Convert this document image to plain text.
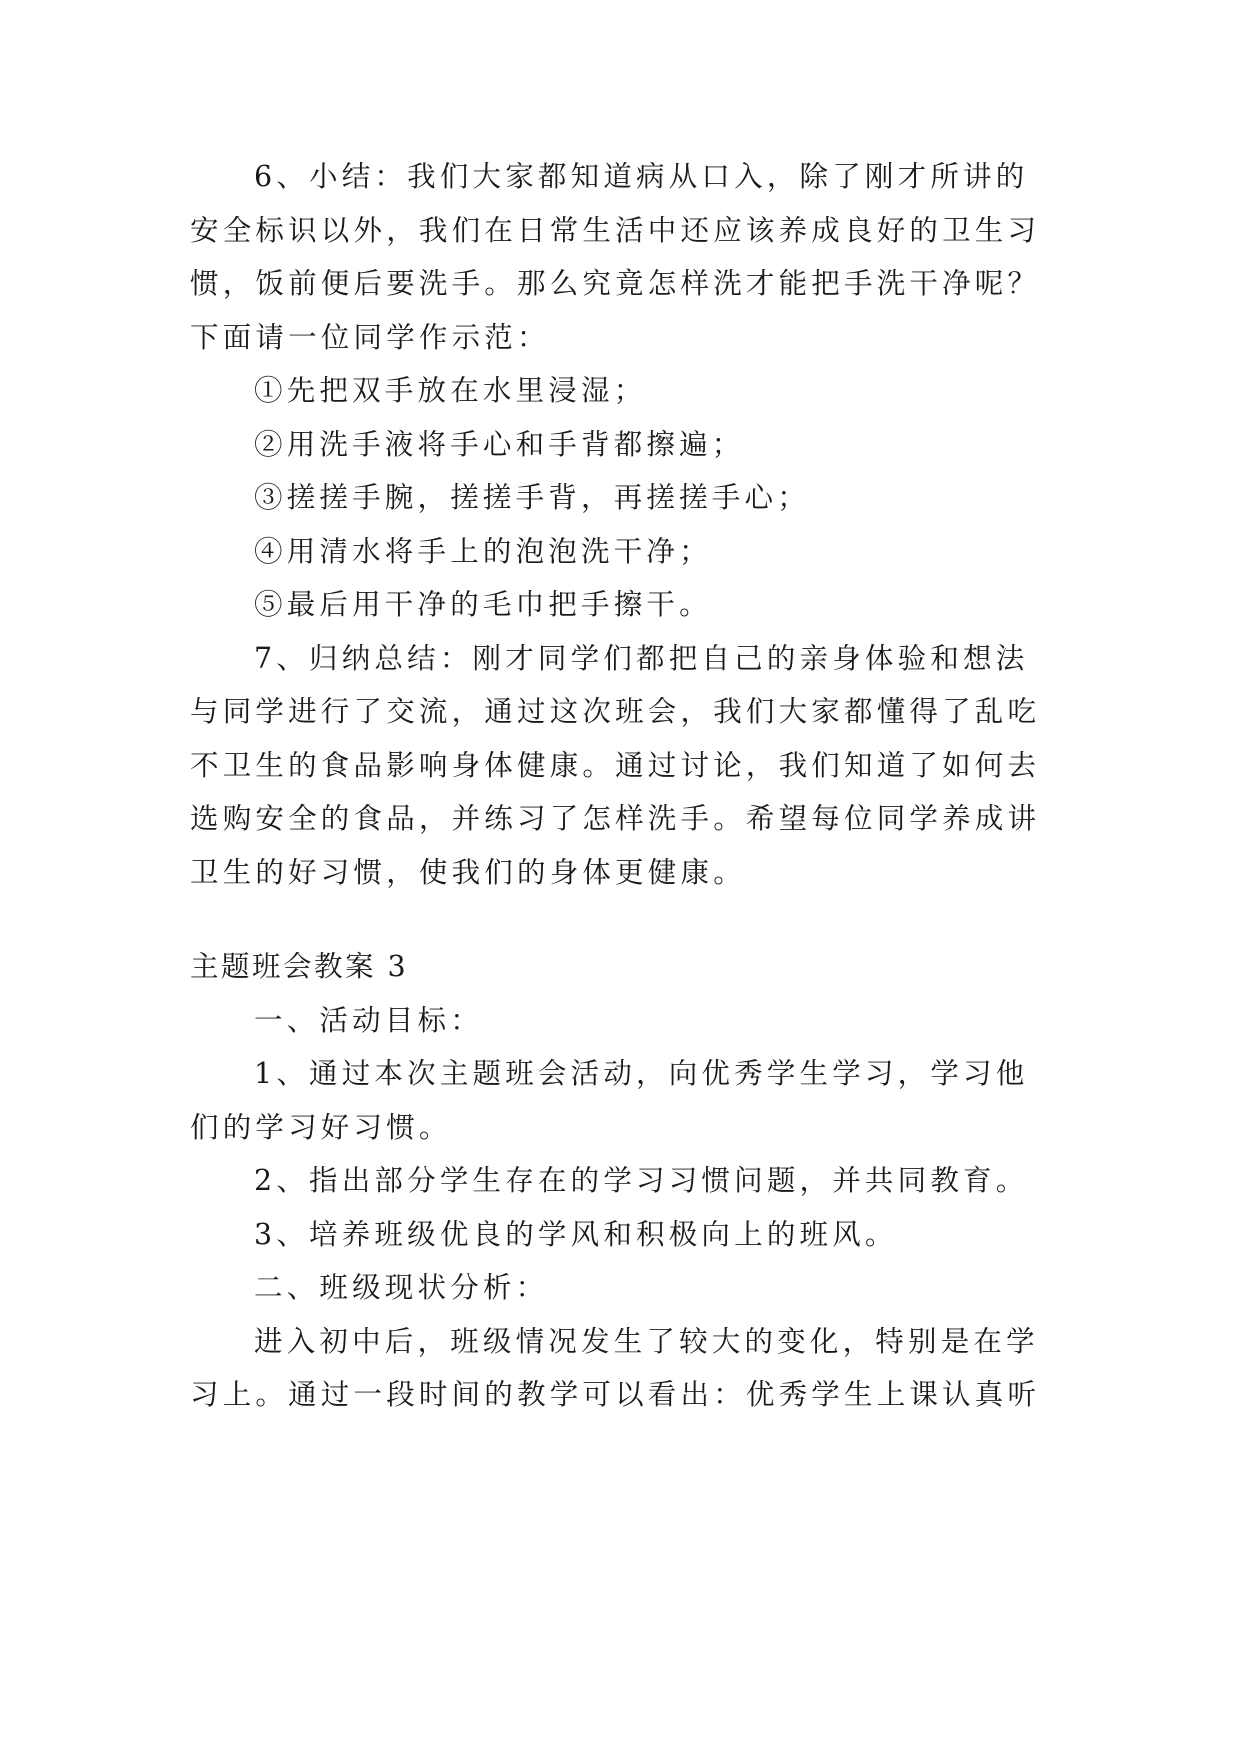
6、小结：我们大家都知道病从口入，除了刚才所讲的
安全标识以外，我们在日常生活中还应该养成良好的卫生习
惯，饭前便后要洗手。那么究竟怎样洗才能把手洗干净呢？
下面请一位同学作示范：
①先把双手放在水里浸湿；
②用洗手液将手心和手背都擦遍；
③搓搓手腕，搓搓手背，再搓搓手心；
④用清水将手上的泡泡洗干净；
⑤最后用干净的毛巾把手擦干。
7、归纳总结：刚才同学们都把自己的亲身体验和想法
与同学进行了交流，通过这次班会，我们大家都懂得了乱吃
不卫生的食品影响身体健康。通过讨论，我们知道了如何去
选购安全的食品，并练习了怎样洗手。希望每位同学养成讲
卫生的好习惯，使我们的身体更健康。
主题班会教案 3
一、活动目标：
1、通过本次主题班会活动，向优秀学生学习，学习他
们的学习好习惯。
2、指出部分学生存在的学习习惯问题，并共同教育。
3、培养班级优良的学风和积极向上的班风。
二、班级现状分析：
进入初中后，班级情况发生了较大的变化，特别是在学
习上。通过一段时间的教学可以看出：优秀学生上课认真听
